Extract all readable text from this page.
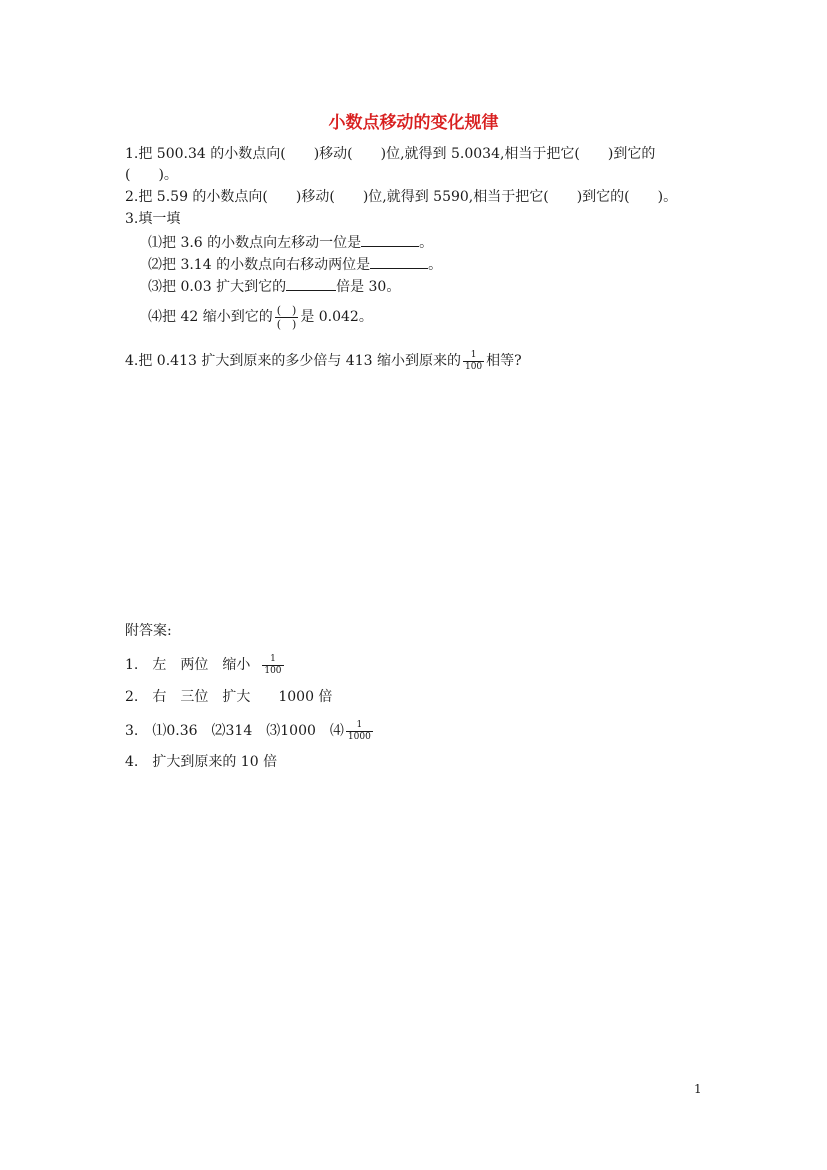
小数点移动的变化规律
1.把 500.34 的小数点向(　　)移动(　　)位,就得到 5.0034,相当于把它(　　)到它的
(　　)。
2.把 5.59 的小数点向(　　)移动(　　)位,就得到 5590,相当于把它(　　)到它的(　　)。
3.填一填
⑴把 3.6 的小数点向左移动一位是	。
⑵把 3.14 的小数点向右移动两位是	。
⑶把 0.03 扩大到它的	倍是 30。
⑷把 42 缩小到它的 $\frac{( )}{( )}$ 是 0.042。
4.把 0.413 扩大到原来的多少倍与 413 缩小到原来的 $\frac{1}{100}$ 相等?
附答案:
1.　左　两位　缩小 $\frac{1}{100}$
2.　右　三位　扩大　　1000 倍
3.　⑴0.36　⑵314　⑶1000　⑷ $\frac{1}{1000}$
4.　扩大到原来的 10 倍
1
